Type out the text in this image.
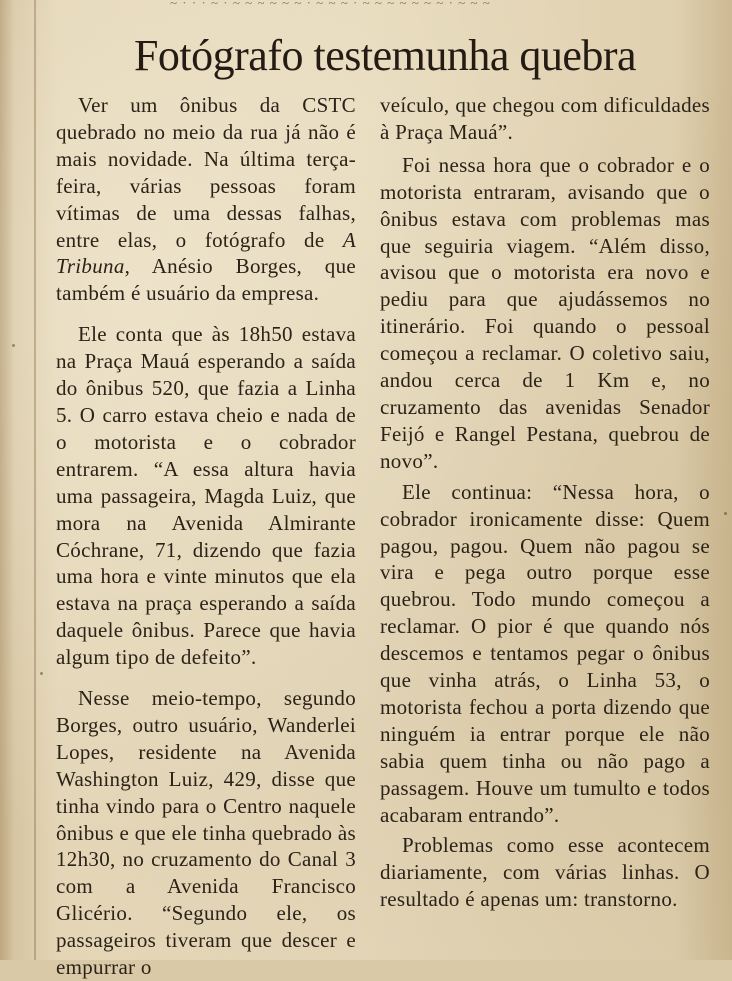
~ · · · ~ · ~ ~ ~ ~ ~ ~ · ~ ~ ~ · ~ ~ ~ ~ ~ ~ ~ · ~ ~ ~
Fotógrafo testemunha quebra

Ver um ônibus da CSTC quebrado no meio da rua já não é mais novidade. Na última terça-feira, várias pessoas foram vítimas de uma dessas falhas, entre elas, o fotógrafo de A Tribuna, Anésio Borges, que também é usuário da empresa.

Ele conta que às 18h50 estava na Praça Mauá esperando a saída do ônibus 520, que fazia a Linha 5. O carro estava cheio e nada de o motorista e o cobrador entrarem. “A essa altura havia uma passageira, Magda Luiz, que mora na Avenida Almirante Cóchrane, 71, dizendo que fazia uma hora e vinte minutos que ela estava na praça esperando a saída daquele ônibus. Parece que havia algum tipo de defeito”.

Nesse meio-tempo, segundo Borges, outro usuário, Wanderlei Lopes, residente na Avenida Washington Luiz, 429, disse que tinha vindo para o Centro naquele ônibus e que ele tinha quebrado às 12h30, no cruzamento do Canal 3 com a Avenida Francisco Glicério. “Segundo ele, os passageiros tiveram que descer e empurrar o

veículo, que chegou com dificuldades à Praça Mauá”.

Foi nessa hora que o cobrador e o motorista entraram, avisando que o ônibus estava com problemas mas que seguiria viagem. “Além disso, avisou que o motorista era novo e pediu para que ajudássemos no itinerário. Foi quando o pessoal começou a reclamar. O coletivo saiu, andou cerca de 1 Km e, no cruzamento das avenidas Senador Feijó e Rangel Pestana, quebrou de novo”.

Ele continua: “Nessa hora, o cobrador ironicamente disse: Quem pagou, pagou. Quem não pagou se vira e pega outro porque esse quebrou. Todo mundo começou a reclamar. O pior é que quando nós descemos e tentamos pegar o ônibus que vinha atrás, o Linha 53, o motorista fechou a porta dizendo que ninguém ia entrar porque ele não sabia quem tinha ou não pago a passagem. Houve um tumulto e todos acabaram entrando”.

Problemas como esse acontecem diariamente, com várias linhas. O resultado é apenas um: transtorno.
